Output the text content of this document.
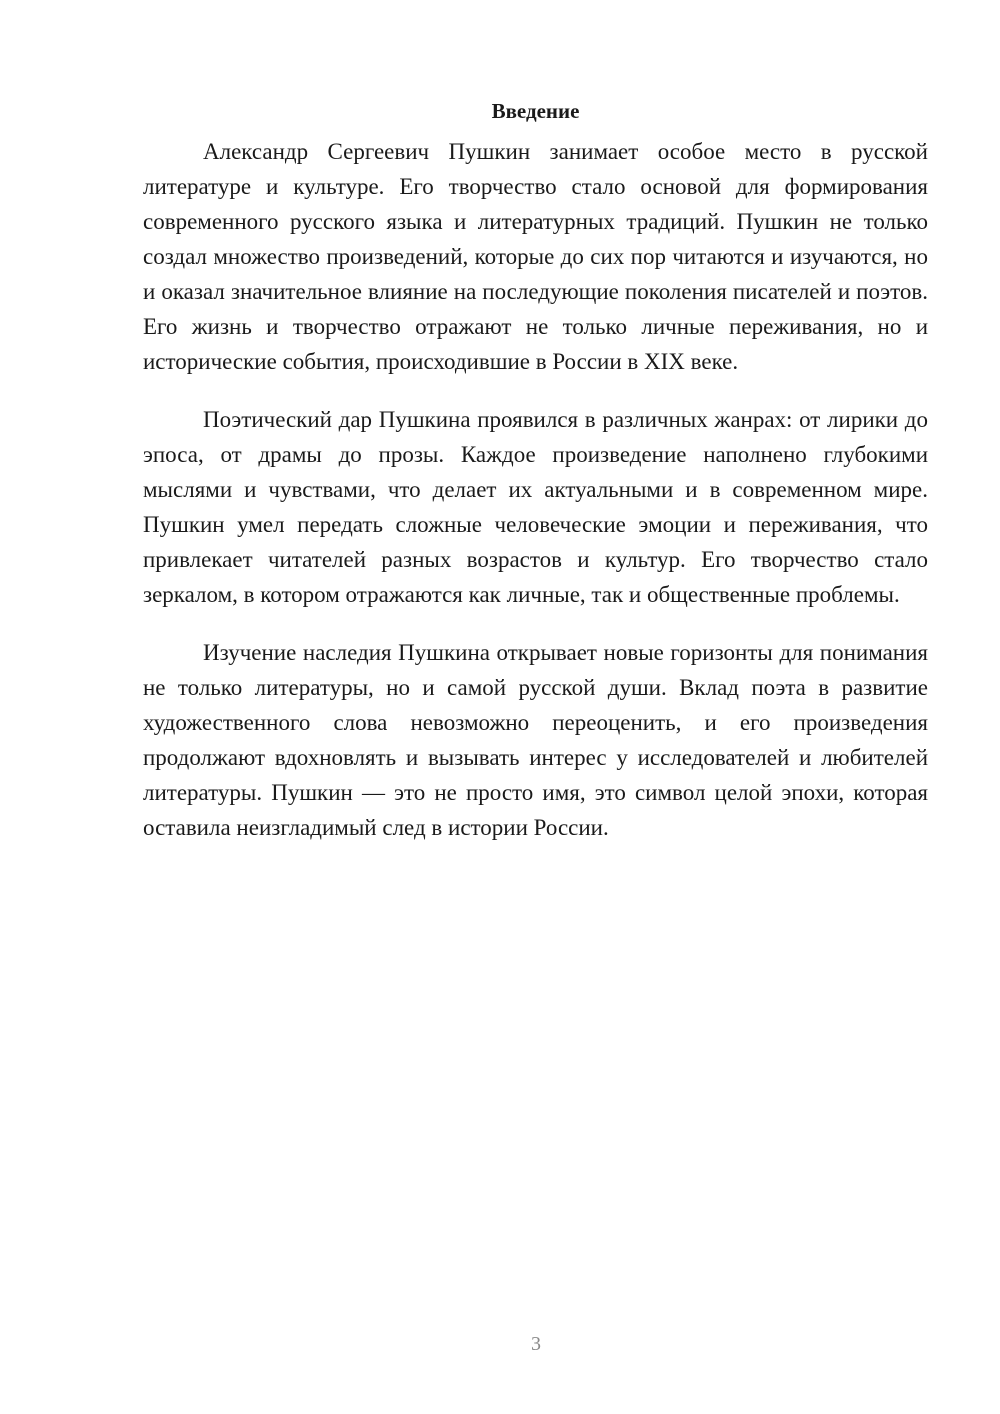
Введение

Александр Сергеевич Пушкин занимает особое место в русской литературе и культуре. Его творчество стало основой для формирования современного русского языка и литературных традиций. Пушкин не только создал множество произведений, которые до сих пор читаются и изучаются, но и оказал значительное влияние на последующие поколения писателей и поэтов. Его жизнь и творчество отражают не только личные переживания, но и исторические события, происходившие в России в XIX веке.

Поэтический дар Пушкина проявился в различных жанрах: от лирики до эпоса, от драмы до прозы. Каждое произведение наполнено глубокими мыслями и чувствами, что делает их актуальными и в современном мире. Пушкин умел передать сложные человеческие эмоции и переживания, что привлекает читателей разных возрастов и культур. Его творчество стало зеркалом, в котором отражаются как личные, так и общественные проблемы.

Изучение наследия Пушкина открывает новые горизонты для понимания не только литературы, но и самой русской души. Вклад поэта в развитие художественного слова невозможно переоценить, и его произведения продолжают вдохновлять и вызывать интерес у исследователей и любителей литературы. Пушкин — это не просто имя, это символ целой эпохи, которая оставила неизгладимый след в истории России.

3
